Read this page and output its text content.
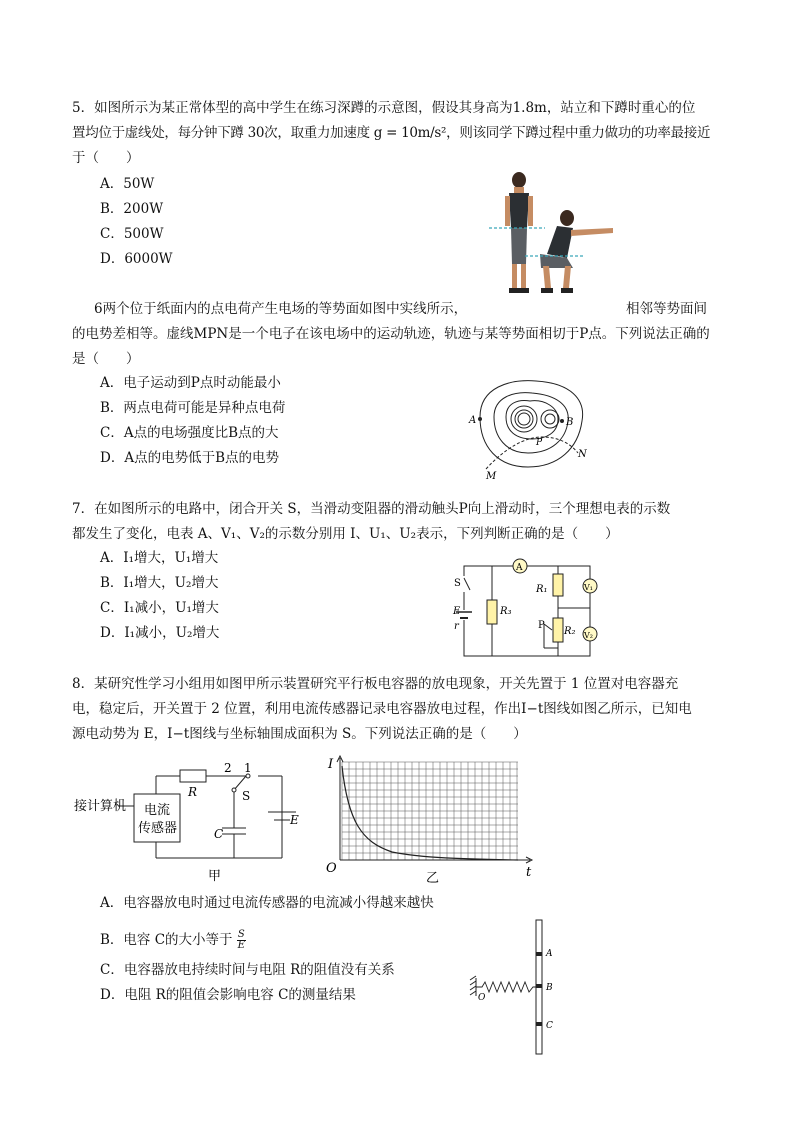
5．如图所示为某正常体型的高中学生在练习深蹲的示意图，假设其身高为1.8m，站立和下蹲时重心的位
置均位于虚线处，每分钟下蹲 30次，取重力加速度 g = 10m/s²，则该同学下蹲过程中重力做功的功率最接近
于（　　）
A．50W
B．200W
C．500W
D．6000W
6两个位于纸面内的点电荷产生电场的等势面如图中实线所示，	相邻等势面间
的电势差相等。虚线MPN是一个电子在该电场中的运动轨迹，轨迹与某等势面相切于P点。下列说法正确的
是（　　）
A．电子运动到P点时动能最小
B．两点电荷可能是异种点电荷
C．A点的电场强度比B点的大
D．A点的电势低于B点的电势
A	B
P
M
N
7．在如图所示的电路中，闭合开关 S，当滑动变阻器的滑动触头P向上滑动时，三个理想电表的示数
都发生了变化，电表 A、V₁、V₂的示数分别用 I、U₁、U₂表示，下列判断正确的是（　　）
A．I₁增大，U₁增大
B．I₁增大，U₂增大
C．I₁减小，U₁增大
D．I₁减小，U₂增大
A
V₁
V₂
S
E
r
R₃
R₁
R₂
P
8．某研究性学习小组用如图甲所示装置研究平行板电容器的放电现象，开关先置于 1 位置对电容器充
电，稳定后，开关置于 2 位置，利用电流传感器记录电容器放电过程，作出I−t图线如图乙所示，已知电
源电动势为 E，I−t图线与坐标轴围成面积为 S。下列说法正确的是（　　）
接计算机 电流
传感器
R
2 1
S
C
E
甲
I
O	t
乙
A．电容器放电时通过电流传感器的电流减小得越来越快
B．电容 C的大小等于 $\frac{S}{E}$
C．电容器放电持续时间与电阻 R的阻值没有关系
D．电阻 R的阻值会影响电容 C的测量结果
A
B
C
O
